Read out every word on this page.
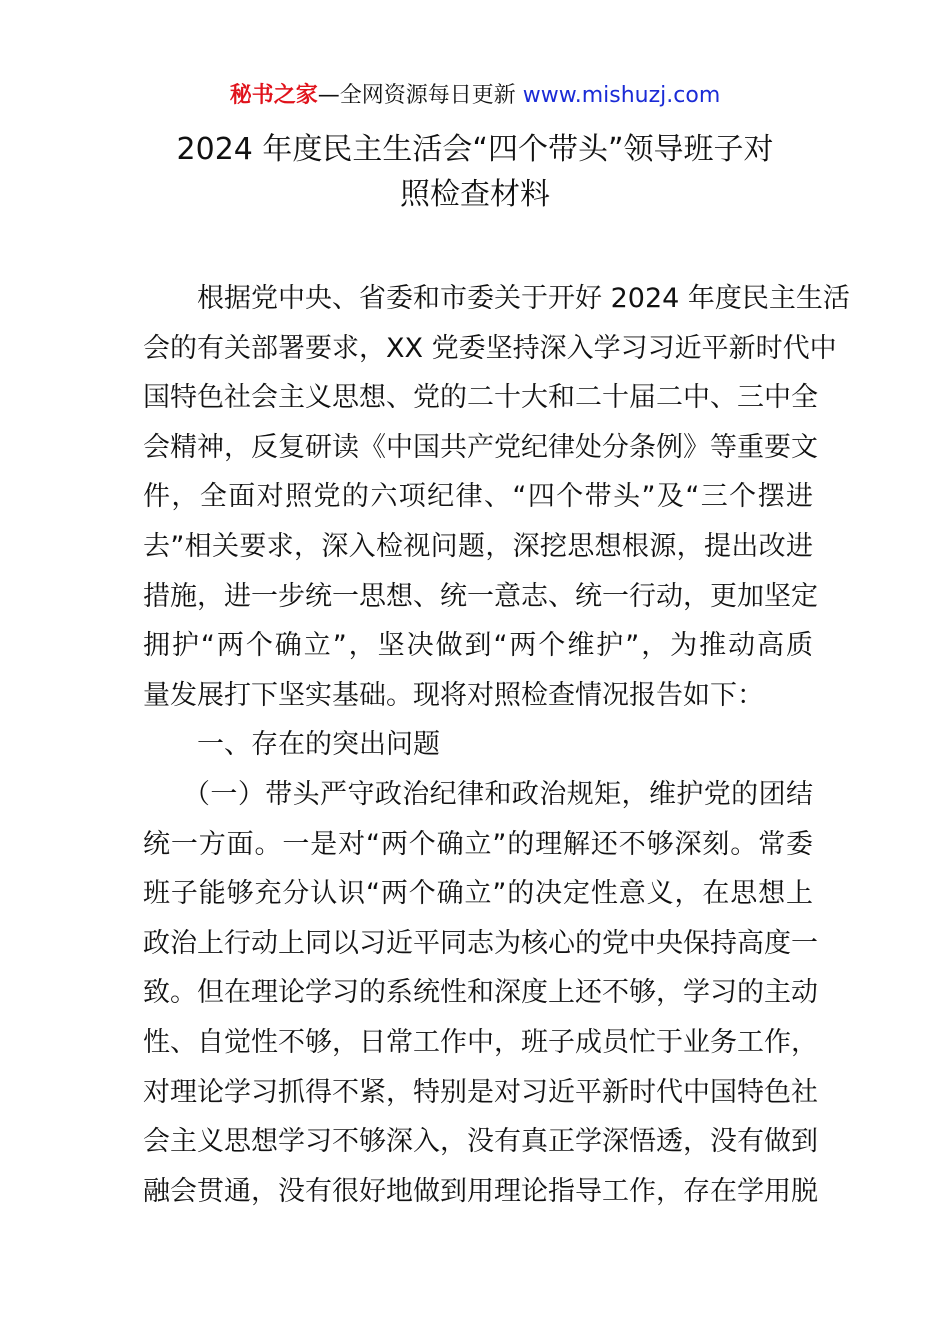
秘书之家—全网资源每日更新 www.mishuzj.com
2024 年度民主生活会“四个带头”领导班子对
照检查材料
根据党中央、省委和市委关于开好 2024 年度民主生活
会的有关部署要求，XX 党委坚持深入学习习近平新时代中
国特色社会主义思想、党的二十大和二十届二中、三中全
会精神，反复研读《中国共产党纪律处分条例》等重要文
件，全面对照党的六项纪律、“四个带头”及“三个摆进
去”相关要求，深入检视问题，深挖思想根源，提出改进
措施，进一步统一思想、统一意志、统一行动，更加坚定
拥护“两个确立”，坚决做到“两个维护”，为推动高质
量发展打下坚实基础。现将对照检查情况报告如下：
一、存在的突出问题
（一）带头严守政治纪律和政治规矩，维护党的团结
统一方面。一是对“两个确立”的理解还不够深刻。常委
班子能够充分认识“两个确立”的决定性意义，在思想上
政治上行动上同以习近平同志为核心的党中央保持高度一
致。但在理论学习的系统性和深度上还不够，学习的主动
性、自觉性不够，日常工作中，班子成员忙于业务工作，
对理论学习抓得不紧，特别是对习近平新时代中国特色社
会主义思想学习不够深入，没有真正学深悟透，没有做到
融会贯通，没有很好地做到用理论指导工作，存在学用脱
